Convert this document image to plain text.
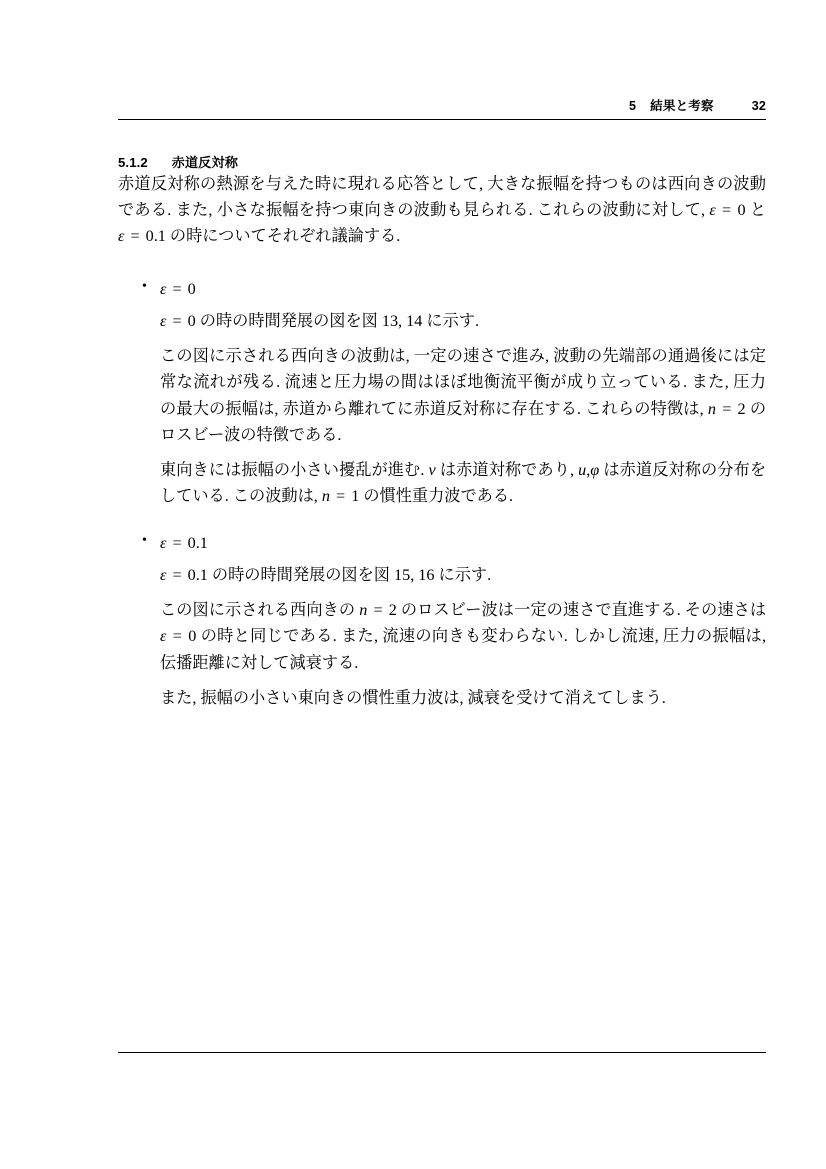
5 結果と考察	32
5.1.2 赤道反対称

赤道反対称の熱源を与えた時に現れる応答として, 大きな振幅を持つものは西向きの波動である. また, 小さな振幅を持つ東向きの波動も見られる. これらの波動に対して, ε = 0 と ε = 0.1 の時についてそれぞれ議論する.

• ε = 0
ε = 0 の時の時間発展の図を図 13, 14 に示す.
この図に示される西向きの波動は, 一定の速さで進み, 波動の先端部の通過後には定常な流れが残る. 流速と圧力場の間はほぼ地衡流平衡が成り立っている. また, 圧力の最大の振幅は, 赤道から離れてに赤道反対称に存在する. これらの特徴は, n = 2 のロスビー波の特徴である.
東向きには振幅の小さい擾乱が進む. v は赤道対称であり, u,φ は赤道反対称の分布をしている. この波動は, n = 1 の慣性重力波である.
• ε = 0.1
ε = 0.1 の時の時間発展の図を図 15, 16 に示す.
この図に示される西向きの n = 2 のロスビー波は一定の速さで直進する. その速さは ε = 0 の時と同じである. また, 流速の向きも変わらない. しかし流速, 圧力の振幅は, 伝播距離に対して減衰する.
また, 振幅の小さい東向きの慣性重力波は, 減衰を受けて消えてしまう.
